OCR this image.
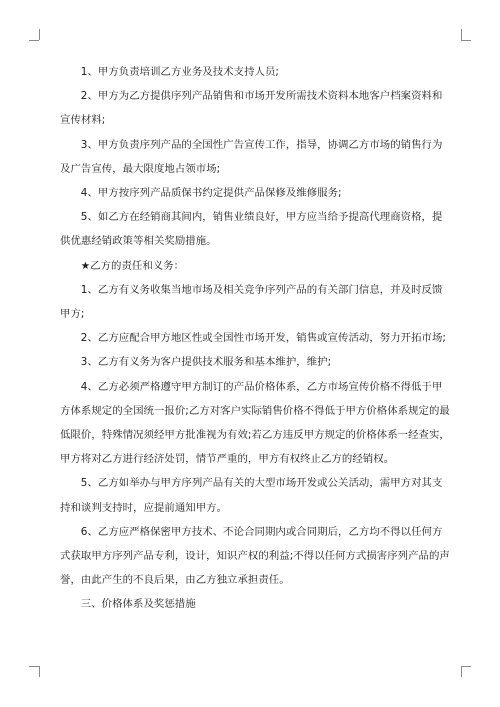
1、甲方负责培训乙方业务及技术支持人员;

2、甲方为乙方提供序列产品销售和市场开发所需技术资料本地客户档案资料和宣传材料;

3、甲方负责序列产品的全国性广告宣传工作，指导，协调乙方市场的销售行为及广告宣传，最大限度地占领市场;

4、甲方按序列产品质保书约定提供产品保修及维修服务;

5、如乙方在经销商其间内，销售业绩良好，甲方应当给予提高代理商资格，提供优惠经销政策等相关奖励措施。

★乙方的责任和义务：

1、乙方有义务收集当地市场及相关竞争序列产品的有关部门信息，并及时反馈甲方;

2、乙方应配合甲方地区性或全国性市场开发，销售或宣传活动，努力开拓市场;

3、乙方有义务为客户提供技术服务和基本维护，维护;

4、乙方必须严格遵守甲方制订的产品价格体系，乙方市场宣传价格不得低于甲方体系规定的全国统一报价;乙方对客户实际销售价格不得低于甲方价格体系规定的最低限价，特殊情况须经甲方批准视为有效;若乙方违反甲方规定的价格体系一经查实，甲方将对乙方进行经济处罚，情节严重的，甲方有权终止乙方的经销权。

5、乙方如举办与甲方序列产品有关的大型市场开发或公关活动，需甲方对其支持和谈判支持时，应提前通知甲方。

6、乙方应严格保密甲方技术、不论合同期内或合同期后，乙方均不得以任何方式获取甲方序列产品专利，设计，知识产权的利益;不得以任何方式损害序列产品的声誉，由此产生的不良后果，由乙方独立承担责任。

三、价格体系及奖惩措施
